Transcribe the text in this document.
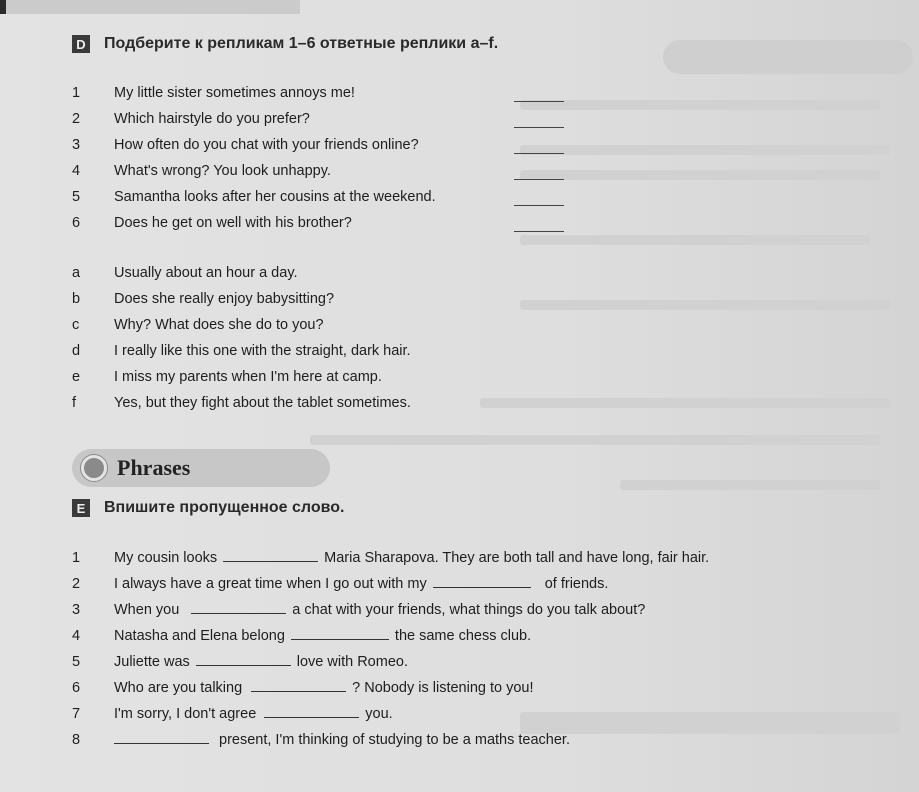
D Подберите к репликам 1–6 ответные реплики a–f.
1	My little sister sometimes annoys me!
2	Which hairstyle do you prefer?
3	How often do you chat with your friends online?
4	What's wrong? You look unhappy.
5	Samantha looks after her cousins at the weekend.
6	Does he get on well with his brother?
a	Usually about an hour a day.
b	Does she really enjoy babysitting?
c	Why? What does she do to you?
d	I really like this one with the straight, dark hair.
e	I miss my parents when I'm here at camp.
f	Yes, but they fight about the tablet sometimes.
Phrases
E Впишите пропущенное слово.
1	My cousin looks	Maria Sharapova. They are both tall and have long, fair hair.
2	I always have a great time when I go out with my	of friends.
3	When you	a chat with your friends, what things do you talk about?
4	Natasha and Elena belong	the same chess club.
5	Juliette was	love with Romeo.
6	Who are you talking	? Nobody is listening to you!
7	I'm sorry, I don't agree	you.
8	present, I'm thinking of studying to be a maths teacher.
